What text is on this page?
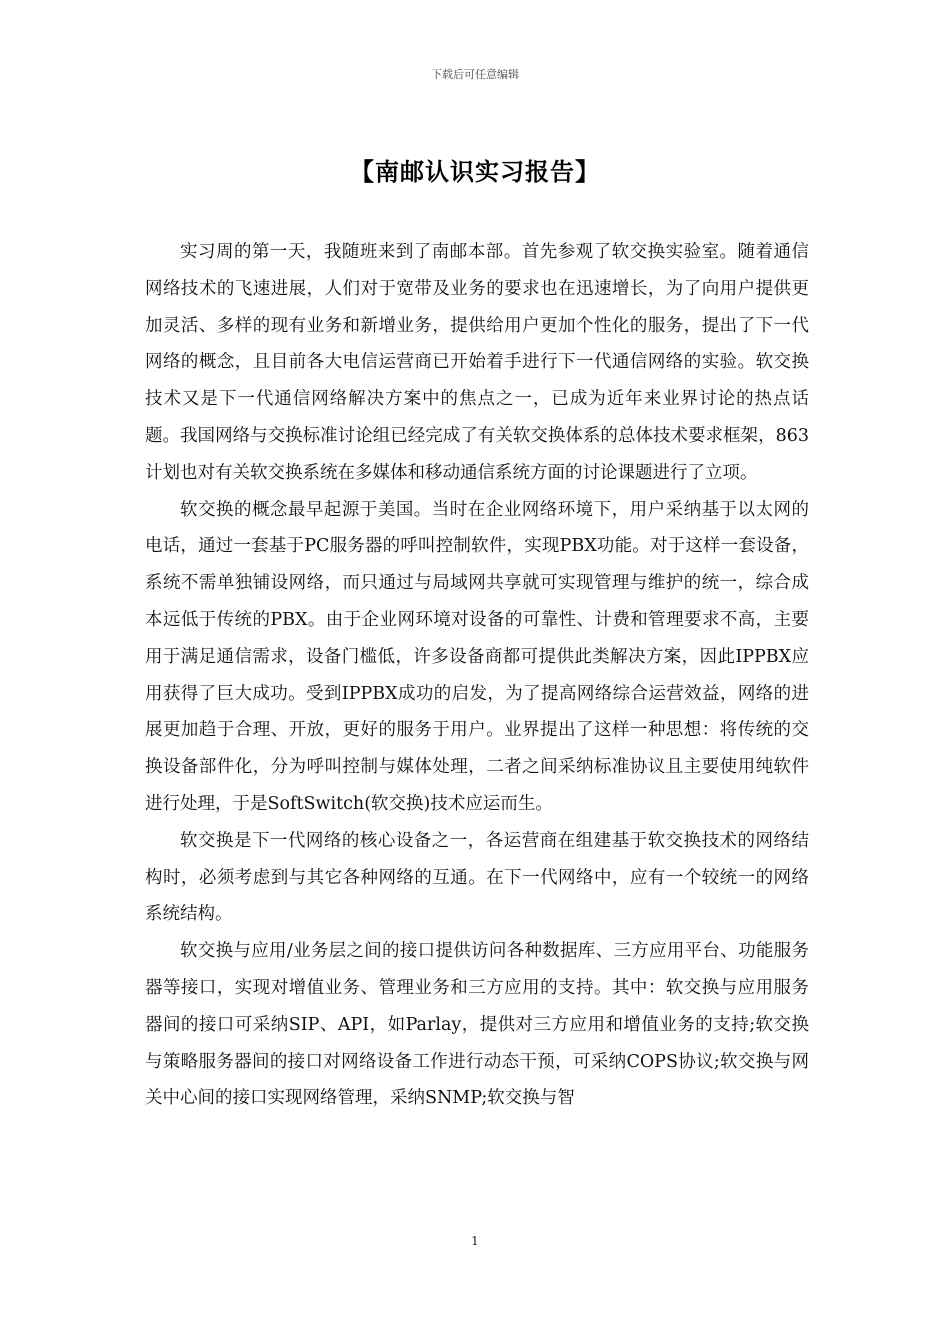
下载后可任意编辑
【南邮认识实习报告】

实习周的第一天，我随班来到了南邮本部。首先参观了软交换实验室。随着通信网络技术的飞速进展，人们对于宽带及业务的要求也在迅速增长，为了向用户提供更加灵活、多样的现有业务和新增业务，提供给用户更加个性化的服务，提出了下一代网络的概念，且目前各大电信运营商已开始着手进行下一代通信网络的实验。软交换技术又是下一代通信网络解决方案中的焦点之一，已成为近年来业界讨论的热点话题。我国网络与交换标准讨论组已经完成了有关软交换体系的总体技术要求框架，863计划也对有关软交换系统在多媒体和移动通信系统方面的讨论课题进行了立项。

软交换的概念最早起源于美国。当时在企业网络环境下，用户采纳基于以太网的电话，通过一套基于PC服务器的呼叫控制软件，实现PBX功能。对于这样一套设备，系统不需单独铺设网络，而只通过与局域网共享就可实现管理与维护的统一，综合成本远低于传统的PBX。由于企业网环境对设备的可靠性、计费和管理要求不高，主要用于满足通信需求，设备门槛低，许多设备商都可提供此类解决方案，因此IPPBX应用获得了巨大成功。受到IPPBX成功的启发，为了提高网络综合运营效益，网络的进展更加趋于合理、开放，更好的服务于用户。业界提出了这样一种思想：将传统的交换设备部件化，分为呼叫控制与媒体处理，二者之间采纳标准协议且主要使用纯软件进行处理，于是SoftSwitch(软交换)技术应运而生。

软交换是下一代网络的核心设备之一，各运营商在组建基于软交换技术的网络结构时，必须考虑到与其它各种网络的互通。在下一代网络中，应有一个较统一的网络系统结构。

软交换与应用/业务层之间的接口提供访问各种数据库、三方应用平台、功能服务器等接口，实现对增值业务、管理业务和三方应用的支持。其中：软交换与应用服务器间的接口可采纳SIP、API，如Parlay，提供对三方应用和增值业务的支持;软交换与策略服务器间的接口对网络设备工作进行动态干预，可采纳COPS协议;软交换与网关中心间的接口实现网络管理，采纳SNMP;软交换与智

1
